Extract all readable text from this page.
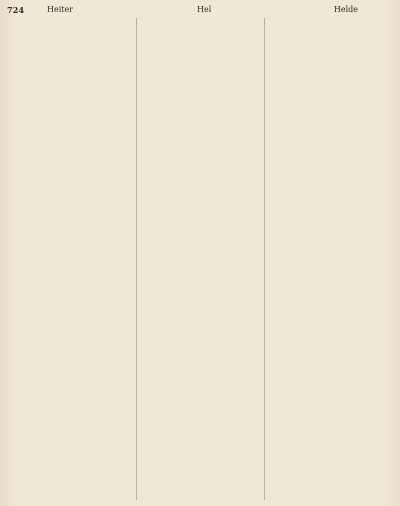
724	Heiter	Hel	Helde
